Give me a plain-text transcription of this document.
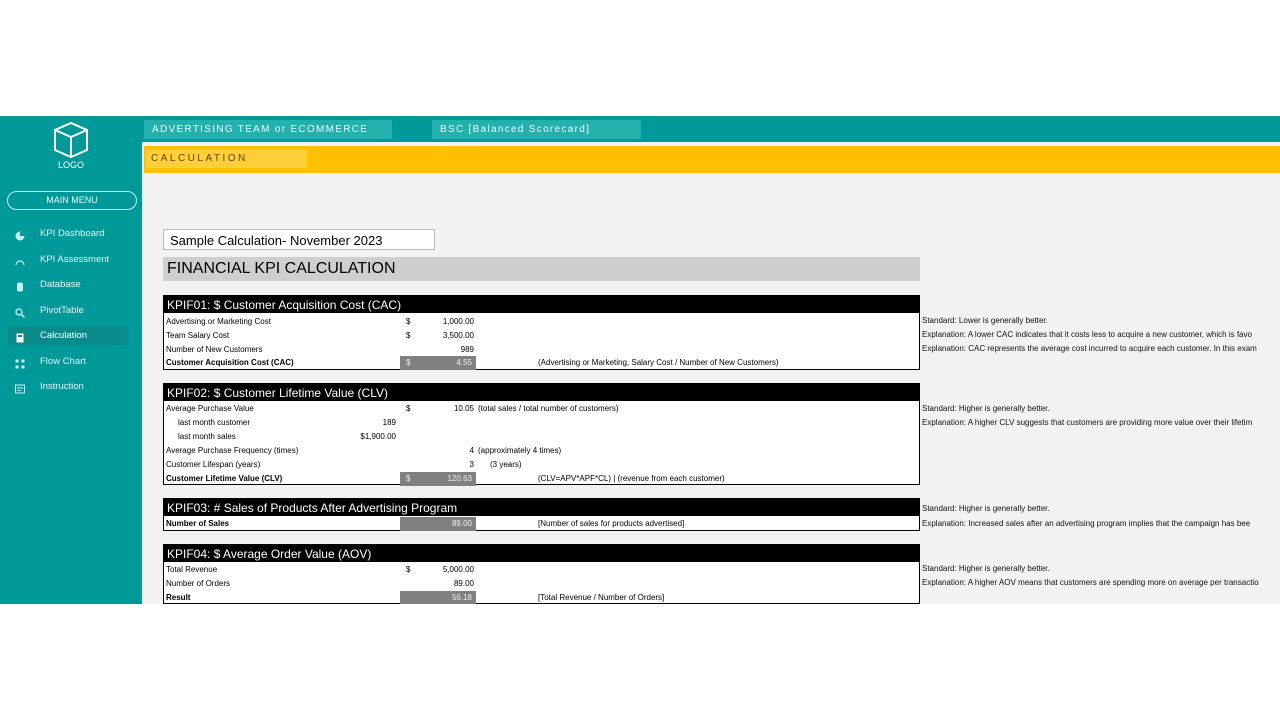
LOGO
MAIN MENU
KPI Dashboard
KPI Assessment
Database
PivotTable
Calculation
Flow Chart
Instruction
ADVERTISING TEAM or ECOMMERCE	BSC [Balanced Scorecard]
CALCULATION
Sample Calculation- November 2023
FINANCIAL KPI CALCULATION
KPIF01: $ Customer Acquisition Cost (CAC)
Advertising or Marketing Cost	$	1,000.00
Team Salary Cost	$	3,500.00
Number of New Customers	989
Customer Acquisition Cost (CAC)	$	4.55	(Advertising or Marketing, Salary Cost / Number of New Customers)
Standard: Lower is generally better.
Explanation: A lower CAC indicates that it costs less to acquire a new customer, which is favo
Explanation: CAC represents the average cost incurred to acquire each customer. In this exam
KPIF02: $ Customer Lifetime Value (CLV)
Average Purchase Value	$	10.05 (total sales / total number of customers)
last month customer	189
last month sales	$1,900.00
Average Purchase Frequency (times)	4 (approximately 4 times)
Customer Lifespan (years)	3 (3 years)
Customer Lifetime Value (CLV)	$	120.63	(CLV=APV*APF*CL) | (revenue from each customer)
Standard: Higher is generally better.
Explanation: A higher CLV suggests that customers are providing more value over their lifetim
KPIF03: # Sales of Products After Advertising Program
Number of Sales	89.00	[Number of sales for products advertised]
Standard: Higher is generally better.
Explanation: Increased sales after an advertising program implies that the campaign has bee
KPIF04: $ Average Order Value (AOV)
Total Revenue	$	5,000.00
Number of Orders	89.00
Result	56.18	[Total Revenue / Number of Orders]
Standard: Higher is generally better.
Explanation: A higher AOV means that customers are spending more on average per transactio
